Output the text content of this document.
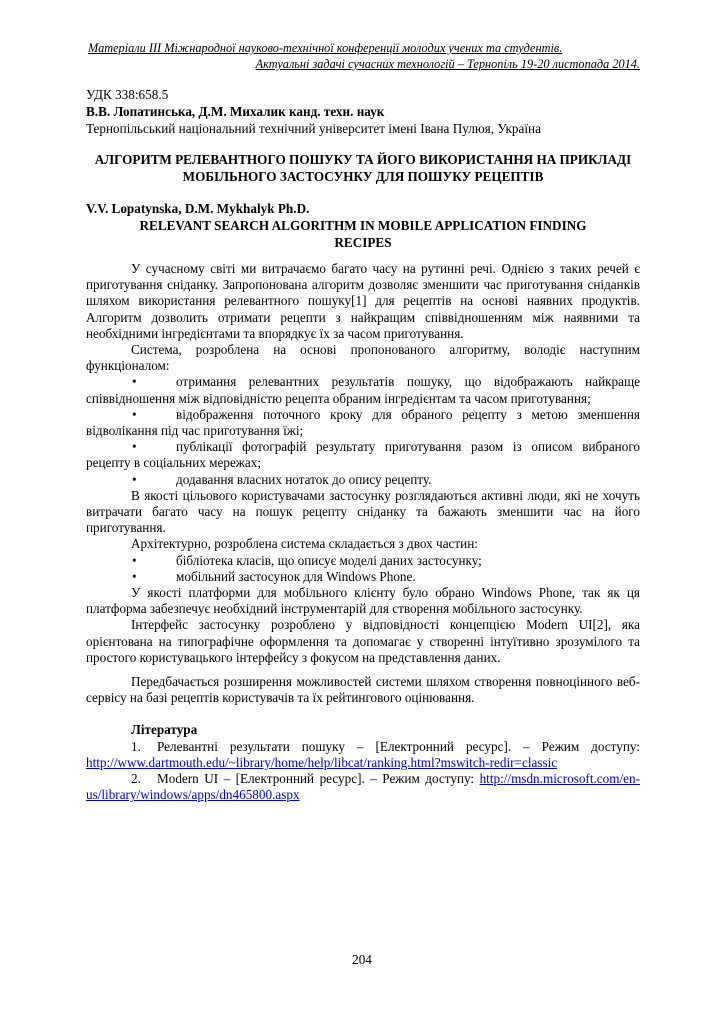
Матеріали ІІІ Міжнародної науково-технічної конференції молодих учених та студентів.
Актуальні задачі сучасних технологій – Тернопіль 19-20 листопада 2014.
УДК 338:658.5
В.В. Лопатинська, Д.М. Михалик канд. техн. наук
Тернопільський національний технічний університет імені Івана Пулюя, Україна
АЛГОРИТМ РЕЛЕВАНТНОГО ПОШУКУ ТА ЙОГО ВИКОРИСТАННЯ НА ПРИКЛАДІ МОБІЛЬНОГО ЗАСТОСУНКУ ДЛЯ ПОШУКУ РЕЦЕПТІВ
V.V. Lopatynska, D.M. Mykhalyk Ph.D.
RELEVANT SEARCH ALGORITHM IN MOBILE APPLICATION FINDING RECIPES

У сучасному світі ми витрачаємо багато часу на рутинні речі. Однією з таких речей є приготування сніданку. Запропонована алгоритм дозволяє зменшити час приготування сніданків шляхом використання релевантного пошуку[1] для рецептів на основі наявних продуктів. Алгоритм дозволить отримати рецепти з найкращим співвідношенням між наявними та необхідними інгредієнтами та впорядкує їх за часом приготування.

Система, розроблена на основі пропонованого алгоритму, володіє наступним функціоналом:

•	отримання релевантних результатів пошуку, що відображають найкраще співвідношення між відповідністю рецепта обраним інгредієнтам та часом приготування;

•	відображення поточного кроку для обраного рецепту з метою зменшення відволікання під час приготування їжі;

•	публікації фотографій результату приготування разом із описом вибраного рецепту в соціальних мережах;

•	додавання власних нотаток до опису рецепту.

В якості цільового користувачами застосунку розглядаються активні люди, які не хочуть витрачати багато часу на пошук рецепту сніданку та бажають зменшити час на його приготування.

Архітектурно, розроблена система складається з двох частин:

•	бібліотека класів, що описує моделі даних застосунку;

•	мобільний застосунок для Windows Phone.

У якості платформи для мобільного клієнту було обрано Windows Phone, так як ця платформа забезпечує необхідний інструментарій для створення мобільного застосунку.

Інтерфейс застосунку розроблено у відповідності концепцією Modern UI[2], яка орієнтована на типографічне оформлення та допомагає у створенні інтуїтивно зрозумілого та простого користувацького інтерфейсу з фокусом на представлення даних.

Передбачається розширення можливостей системи шляхом створення повноцінного веб-сервісу на базі рецептів користувачів та їх рейтингового оцінювання.

Література
1. Релевантні результати пошуку – [Електронний ресурс]. – Режим доступу: http://www.dartmouth.edu/~library/home/help/libcat/ranking.html?mswitch-redir=classic
2. Modern UI – [Електронний ресурс]. – Режим доступу: http://msdn.microsoft.com/en-us/library/windows/apps/dn465800.aspx
204
